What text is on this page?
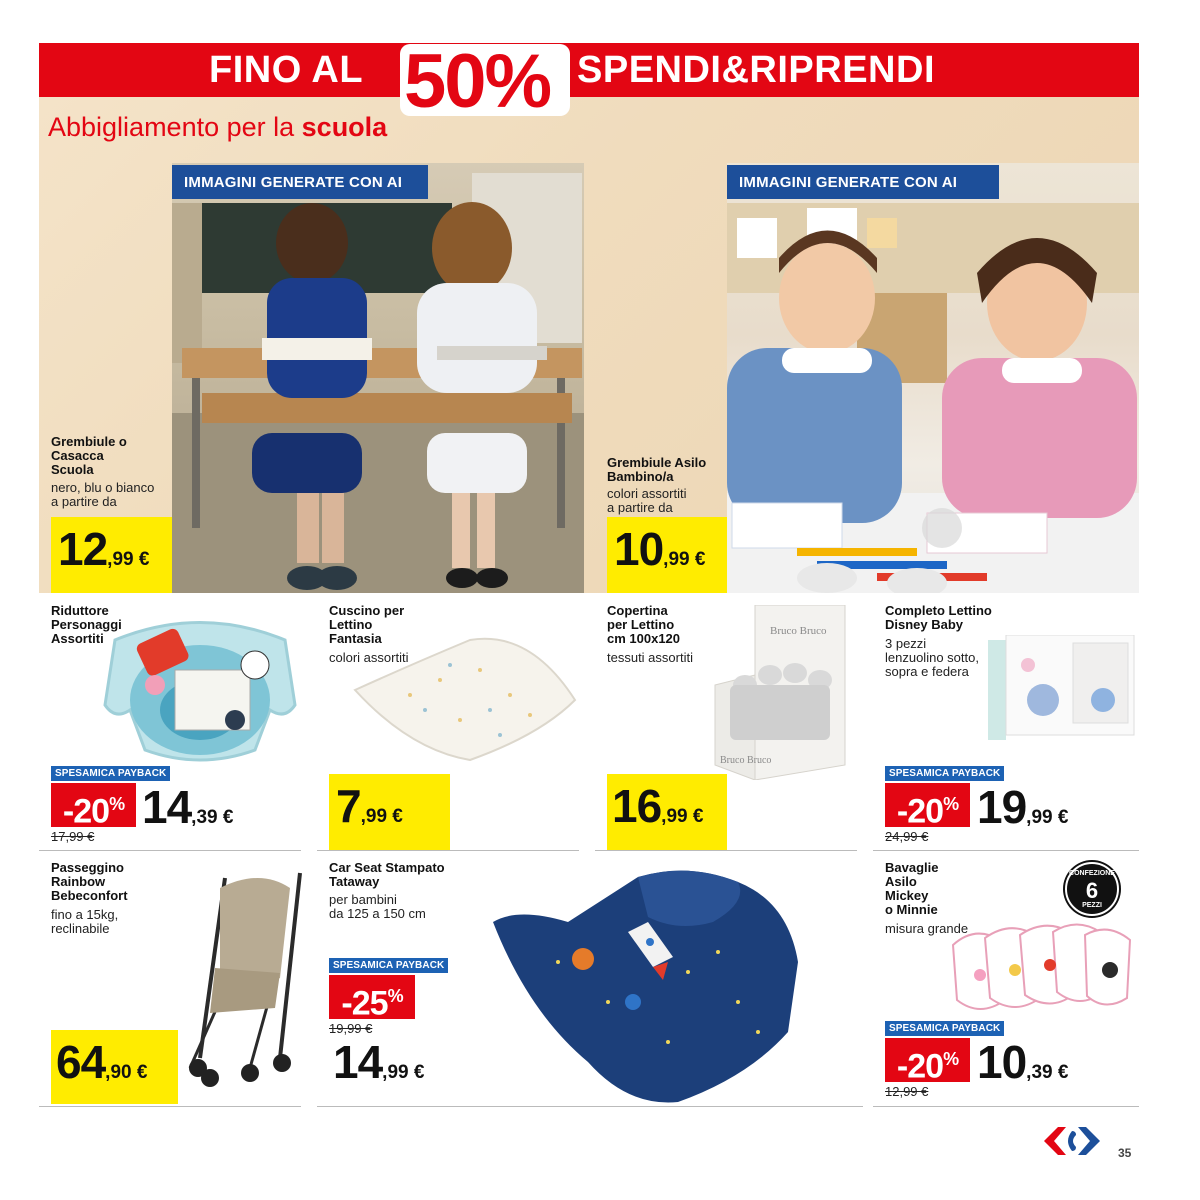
FINO AL	SPENDI&RIPRENDI
50%
Abbigliamento per la scuola
IMMAGINI GENERATE CON AI	IMMAGINI GENERATE CON AI
Grembiule o
Casacca
Scuola
nero, blu o bianco
a partire da
12,99 €
Grembiule Asilo
Bambino/a
colori assortiti
a partire da
10,99 €
Riduttore
Personaggi
Assortiti
SPESAMICA PAYBACK
-20%
17,99 €
14,39 €
Cuscino per
Lettino
Fantasia
colori assortiti
7,99 €
Copertina
per Lettino
cm 100x120
tessuti assortiti
Bruco Bruco
Bruco Bruco
16,99 €
Completo Lettino
Disney Baby
3 pezzi
lenzuolino sotto,
sopra e federa
SPESAMICA PAYBACK
-20%
24,99 €
19,99 €
Passeggino
Rainbow
Bebeconfort
fino a 15kg,
reclinabile
64,90 €
Car Seat Stampato
Tataway
per bambini
da 125 a 150 cm
SPESAMICA PAYBACK
-25%
19,99 €
14,99 €
Bavaglie
Asilo
Mickey
o Minnie
misura grande
CONFEZIONE
6
PEZZI
SPESAMICA PAYBACK
-20%
12,99 €
10,39 €
35
